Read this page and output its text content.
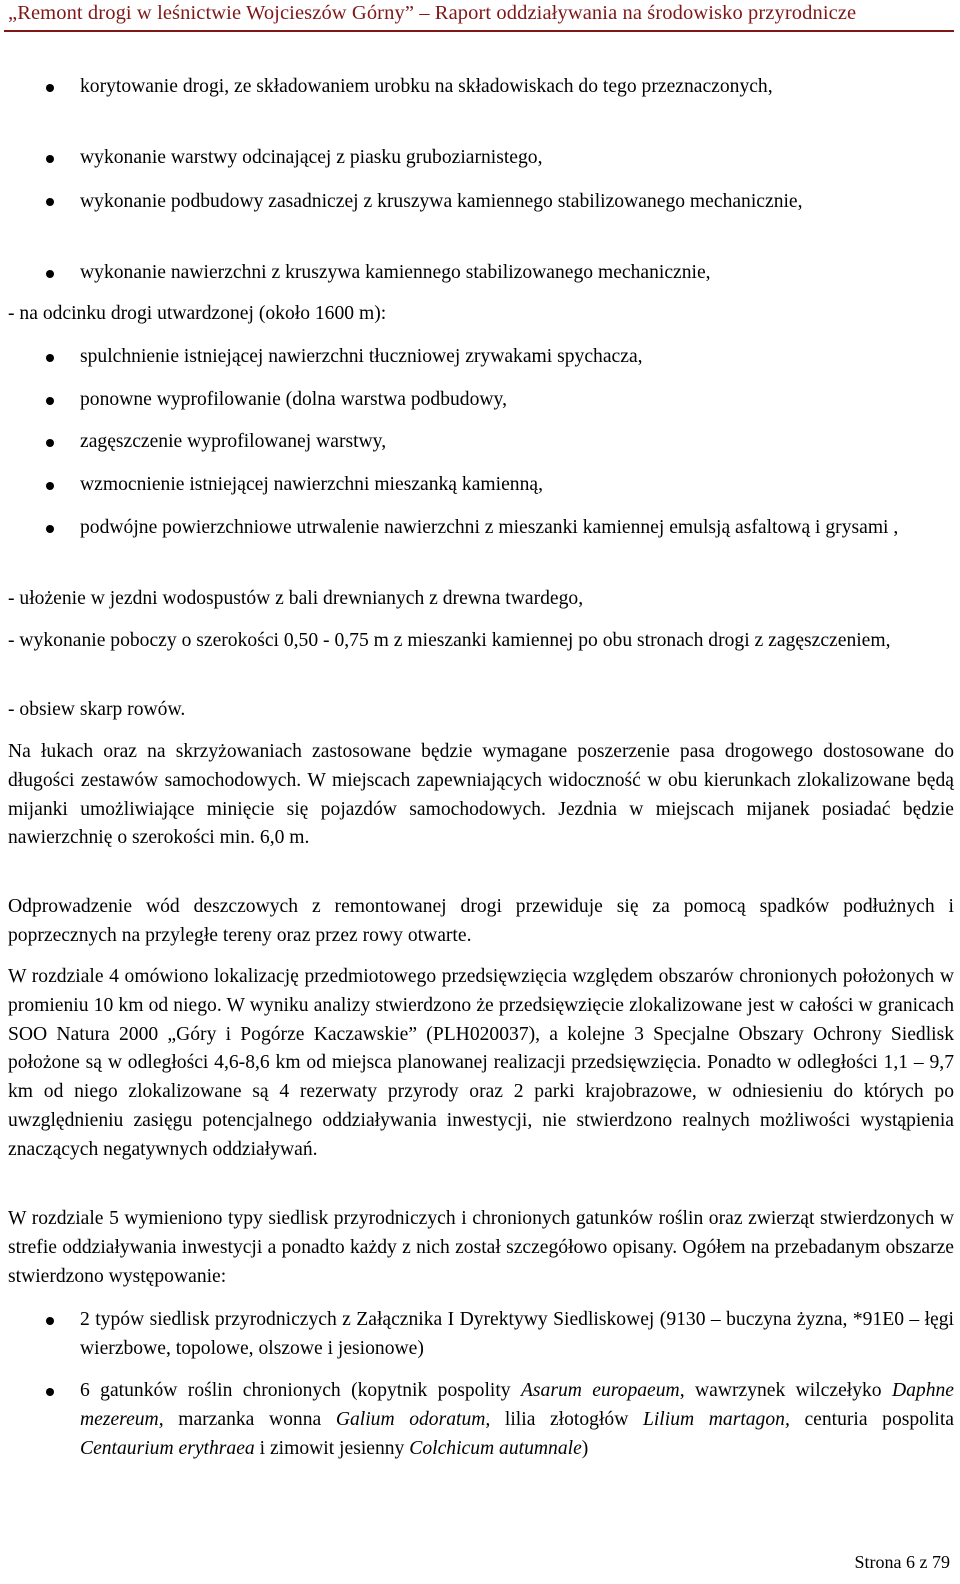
„Remont drogi w leśnictwie Wojcieszów Górny” – Raport oddziaływania na środowisko przyrodnicze
korytowanie drogi, ze składowaniem urobku na składowiskach do tego przeznaczonych,
wykonanie warstwy odcinającej z piasku gruboziarnistego,
wykonanie podbudowy zasadniczej z kruszywa kamiennego stabilizowanego mechanicznie,
wykonanie nawierzchni z kruszywa kamiennego stabilizowanego mechanicznie,
- na odcinku drogi utwardzonej (około 1600 m):
spulchnienie istniejącej nawierzchni tłuczniowej zrywakami spychacza,
ponowne wyprofilowanie (dolna warstwa podbudowy,
zagęszczenie wyprofilowanej warstwy,
wzmocnienie istniejącej nawierzchni mieszanką kamienną,
podwójne powierzchniowe utrwalenie nawierzchni z mieszanki kamiennej emulsją asfaltową i grysami ,
- ułożenie w jezdni wodospustów z bali drewnianych z drewna twardego,
- wykonanie poboczy o szerokości 0,50 - 0,75 m z mieszanki kamiennej po obu stronach drogi z zagęszczeniem,
- obsiew skarp rowów.
Na łukach oraz na skrzyżowaniach zastosowane będzie wymagane poszerzenie pasa drogowego dostosowane do długości zestawów samochodowych. W miejscach zapewniających widoczność w obu kierunkach zlokalizowane będą mijanki umożliwiające minięcie się pojazdów samochodowych. Jezdnia w miejscach mijanek posiadać będzie nawierzchnię o szerokości min. 6,0 m.
Odprowadzenie wód deszczowych z remontowanej drogi przewiduje się za pomocą spadków podłużnych i poprzecznych na przyległe tereny oraz przez rowy otwarte.
W rozdziale 4 omówiono lokalizację przedmiotowego przedsięwzięcia względem obszarów chronionych położonych w promieniu 10 km od niego. W wyniku analizy stwierdzono że przedsięwzięcie zlokalizowane jest w całości w granicach SOO Natura 2000 „Góry i Pogórze Kaczawskie” (PLH020037), a kolejne 3 Specjalne Obszary Ochrony Siedlisk położone są w odległości 4,6-8,6 km od miejsca planowanej realizacji przedsięwzięcia. Ponadto w odległości 1,1 – 9,7 km od niego zlokalizowane są 4 rezerwaty przyrody oraz 2 parki krajobrazowe, w odniesieniu do których po uwzględnieniu zasięgu potencjalnego oddziaływania inwestycji, nie stwierdzono realnych możliwości wystąpienia znaczących negatywnych oddziaływań.
W rozdziale 5 wymieniono typy siedlisk przyrodniczych i chronionych gatunków roślin oraz zwierząt stwierdzonych w strefie oddziaływania inwestycji a ponadto każdy z nich został szczegółowo opisany. Ogółem na przebadanym obszarze stwierdzono występowanie:
2 typów siedlisk przyrodniczych z Załącznika I Dyrektywy Siedliskowej (9130 – buczyna żyzna, *91E0 – łęgi wierzbowe, topolowe, olszowe i jesionowe)
6 gatunków roślin chronionych (kopytnik pospolity Asarum europaeum, wawrzynek wilczełyko Daphne mezereum, marzanka wonna Galium odoratum, lilia złotogłów Lilium martagon, centuria pospolita Centaurium erythraea i zimowit jesienny Colchicum autumnale)
Strona 6 z 79
